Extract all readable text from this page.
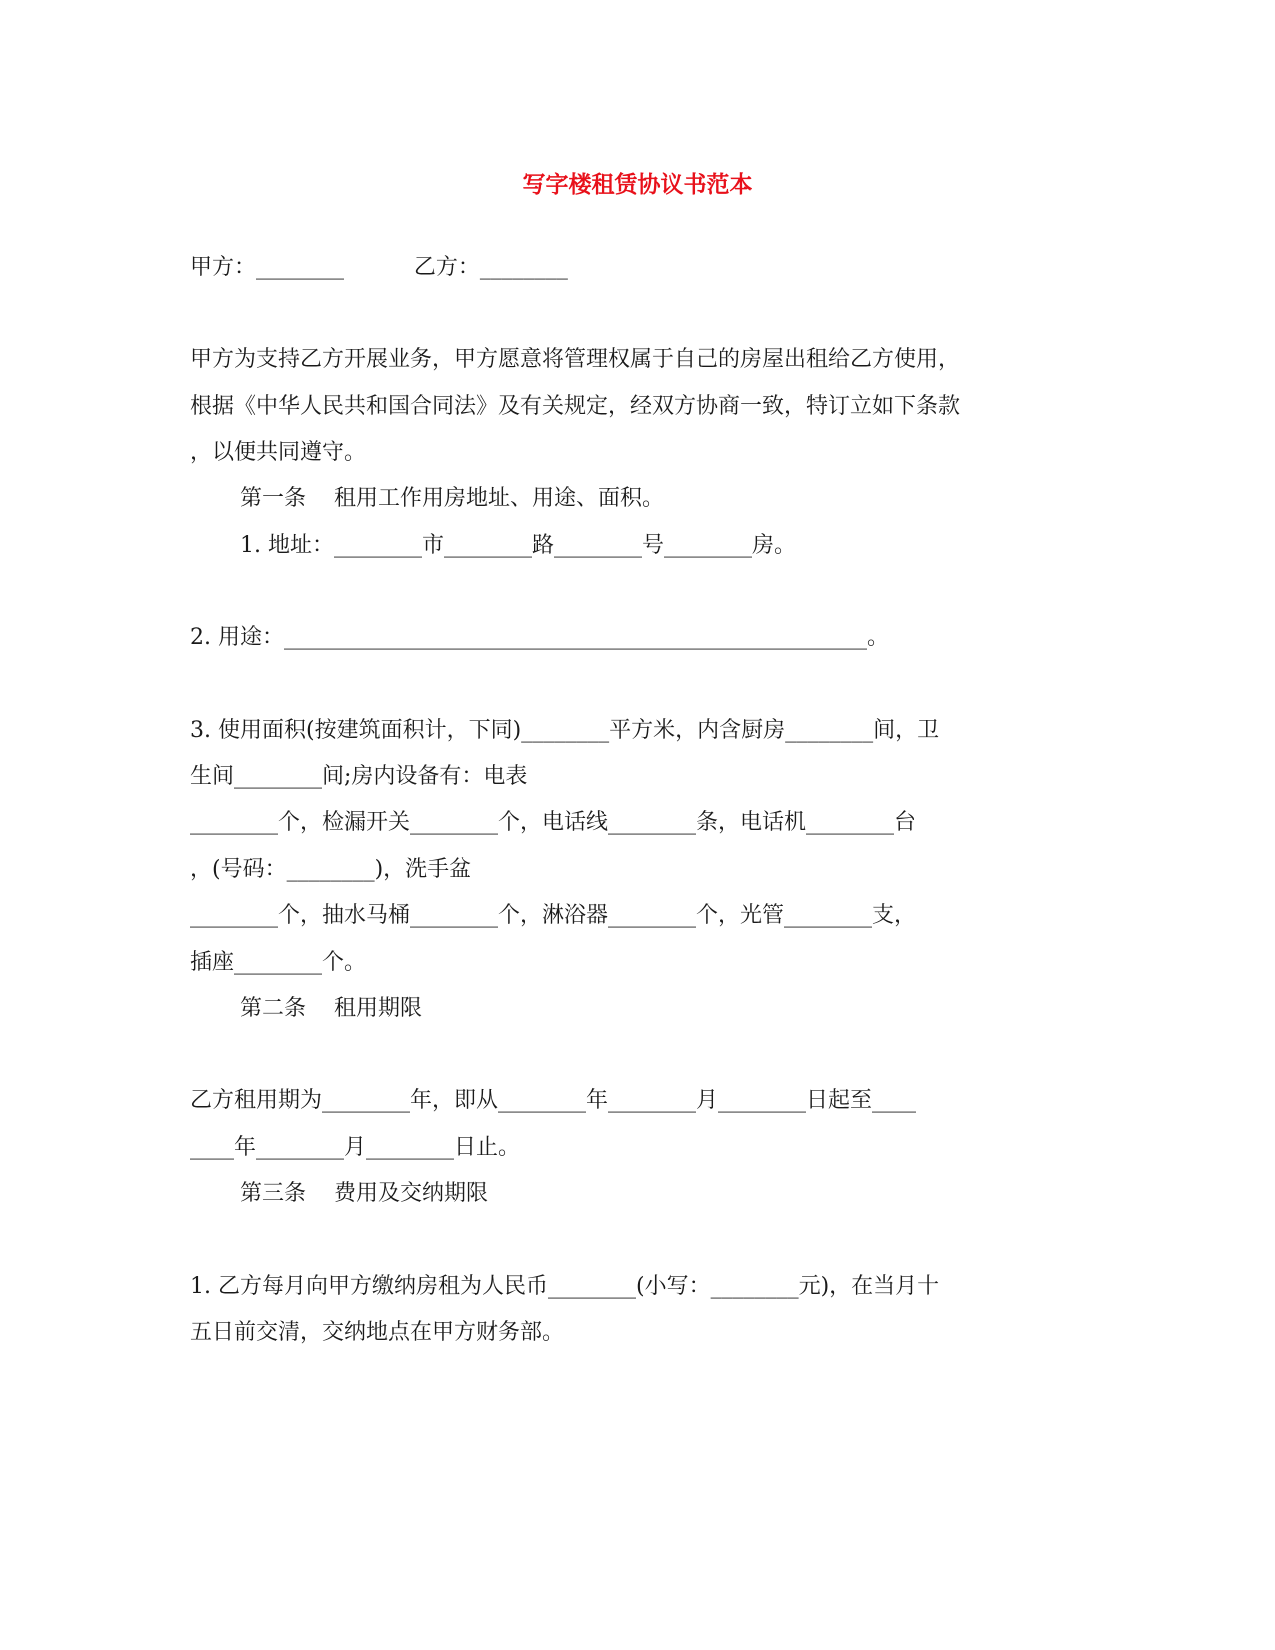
写字楼租赁协议书范本

甲方：________          乙方：________

甲方为支持乙方开展业务，甲方愿意将管理权属于自己的房屋出租给乙方使用，

根据《中华人民共和国合同法》及有关规定，经双方协商一致，特订立如下条款

，以便共同遵守。

第一条    租用工作用房地址、用途、面积。

1. 地址：________市________路________号________房。

2. 用途：_____________________________________________________。

3. 使用面积(按建筑面积计，下同)________平方米，内含厨房________间，卫

生间________间;房内设备有：电表

________个，检漏开关________个，电话线________条，电话机________台

，(号码：________)，洗手盆

________个，抽水马桶________个，淋浴器________个，光管________支，

插座________个。

第二条    租用期限

乙方租用期为________年，即从________年________月________日起至____

____年________月________日止。

第三条    费用及交纳期限

1. 乙方每月向甲方缴纳房租为人民币________(小写：________元)，在当月十

五日前交清，交纳地点在甲方财务部。
